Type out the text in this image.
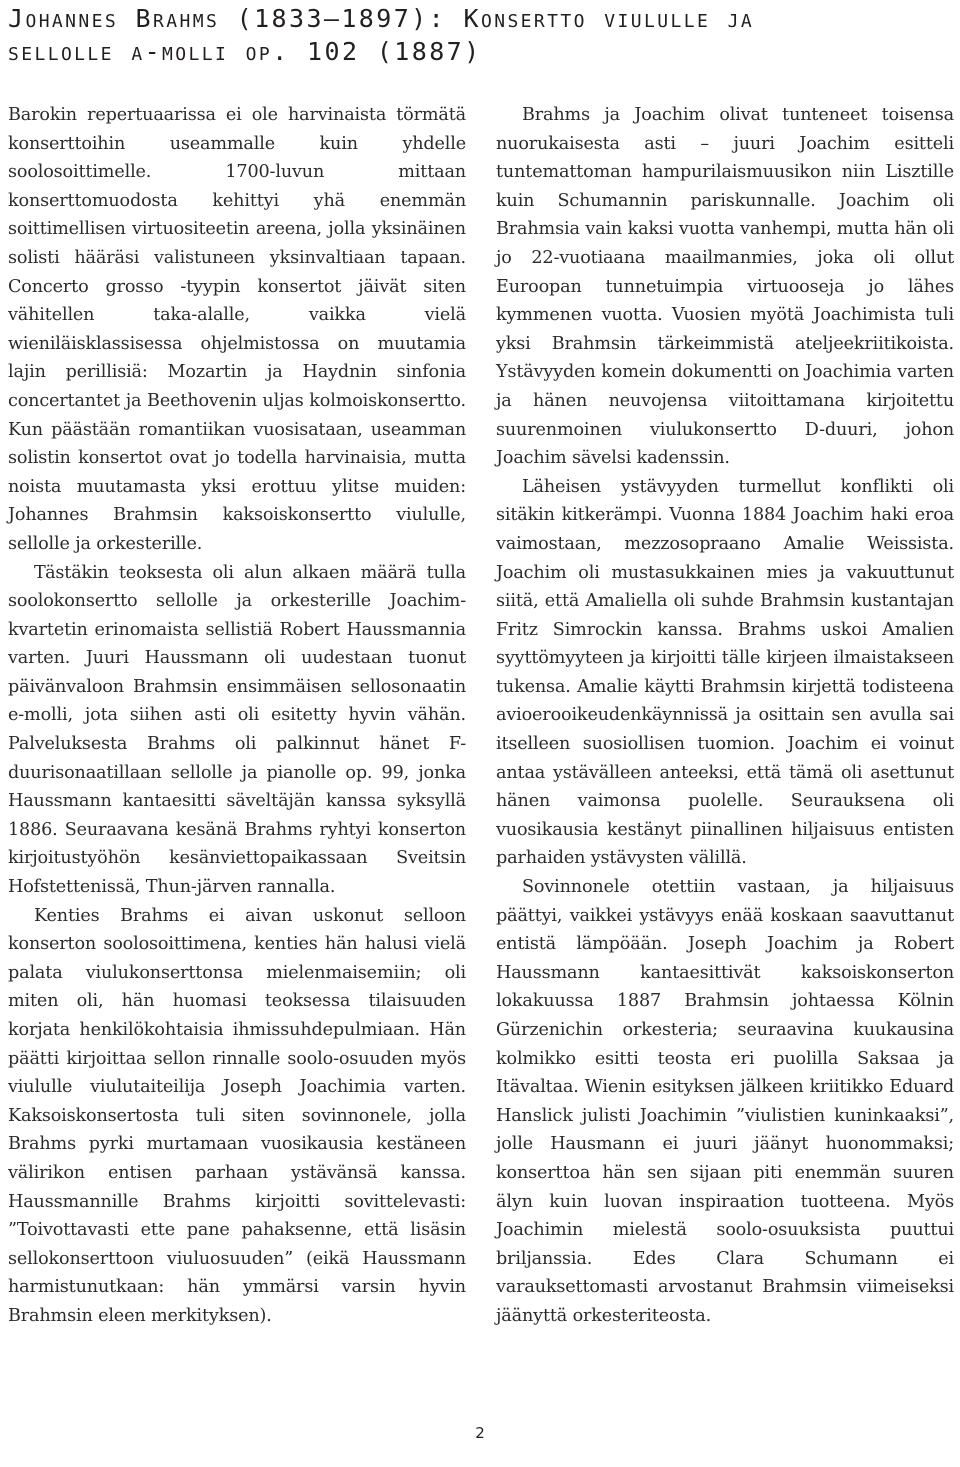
Johannes Brahms (1833–1897): Konsertto viululle ja
sellolle a-molli op. 102 (1887)

Barokin repertuaarissa ei ole harvinaista törmätä konserttoihin useammalle kuin yhdelle soolosoittimelle. 1700-luvun mittaan konserttomuodosta kehittyi yhä enemmän soittimellisen virtuositeetin areena, jolla yksinäinen solisti hääräsi valistuneen yksinvaltiaan tapaan. Concerto grosso -tyypin konsertot jäivät siten vähitellen taka-alalle, vaikka vielä wieniläisklassisessa ohjelmistossa on muutamia lajin perillisiä: Mozartin ja Haydnin sinfonia concertantet ja Beethovenin uljas kolmoiskonsertto. Kun päästään romantiikan vuosisataan, useamman solistin konsertot ovat jo todella harvinaisia, mutta noista muutamasta yksi erottuu ylitse muiden: Johannes Brahmsin kaksoiskonsertto viululle, sellolle ja orkesterille.

Tästäkin teoksesta oli alun alkaen määrä tulla soolokonsertto sellolle ja orkesterille Joachim-kvartetin erinomaista sellistiä Robert Haussmannia varten. Juuri Haussmann oli uudestaan tuonut päivänvaloon Brahmsin ensimmäisen sellosonaatin e-molli, jota siihen asti oli esitetty hyvin vähän. Palveluksesta Brahms oli palkinnut hänet F-duurisonaatillaan sellolle ja pianolle op. 99, jonka Haussmann kantaesitti säveltäjän kanssa syksyllä 1886. Seuraavana kesänä Brahms ryhtyi konserton kirjoitustyöhön kesänviettopaikassaan Sveitsin Hofstettenissä, Thun-järven rannalla.

Kenties Brahms ei aivan uskonut selloon konserton soolosoittimena, kenties hän halusi vielä palata viulukonserttonsa mielenmaisemiin; oli miten oli, hän huomasi teoksessa tilaisuuden korjata henkilökohtaisia ihmissuhdepulmiaan. Hän päätti kirjoittaa sellon rinnalle soolo-osuuden myös viululle viulutaiteilija Joseph Joachimia varten. Kaksoiskonsertosta tuli siten sovinnonele, jolla Brahms pyrki murtamaan vuosikausia kestäneen välirikon entisen parhaan ystävänsä kanssa. Haussmannille Brahms kirjoitti sovittelevasti: ”Toivottavasti ette pane pahaksenne, että lisäsin sellokonserttoon viuluosuuden” (eikä Haussmann harmistunutkaan: hän ymmärsi varsin hyvin Brahmsin eleen merkityksen).

Brahms ja Joachim olivat tunteneet toisensa nuorukaisesta asti – juuri Joachim esitteli tuntemattoman hampurilaismuusikon niin Lisztille kuin Schumannin pariskunnalle. Joachim oli Brahmsia vain kaksi vuotta vanhempi, mutta hän oli jo 22-vuotiaana maailmanmies, joka oli ollut Euroopan tunnetuimpia virtuooseja jo lähes kymmenen vuotta. Vuosien myötä Joachimista tuli yksi Brahmsin tärkeimmistä ateljeekriitikoista. Ystävyyden komein dokumentti on Joachimia varten ja hänen neuvojensa viitoittamana kirjoitettu suurenmoinen viulukonsertto D-duuri, johon Joachim sävelsi kadenssin.

Läheisen ystävyyden turmellut konflikti oli sitäkin kitkerämpi. Vuonna 1884 Joachim haki eroa vaimostaan, mezzosopraano Amalie Weissista. Joachim oli mustasukkainen mies ja vakuuttunut siitä, että Amaliella oli suhde Brahmsin kustantajan Fritz Simrockin kanssa. Brahms uskoi Amalien syyttömyyteen ja kirjoitti tälle kirjeen ilmaistakseen tukensa. Amalie käytti Brahmsin kirjettä todisteena avioerooikeudenkäynnissä ja osittain sen avulla sai itselleen suosiollisen tuomion. Joachim ei voinut antaa ystävälleen anteeksi, että tämä oli asettunut hänen vaimonsa puolelle. Seurauksena oli vuosikausia kestänyt piinallinen hiljaisuus entisten parhaiden ystävysten välillä.

Sovinnonele otettiin vastaan, ja hiljaisuus päättyi, vaikkei ystävyys enää koskaan saavuttanut entistä lämpöään. Joseph Joachim ja Robert Haussmann kantaesittivät kaksoiskonserton lokakuussa 1887 Brahmsin johtaessa Kölnin Gürzenichin orkesteria; seuraavina kuukausina kolmikko esitti teosta eri puolilla Saksaa ja Itävaltaa. Wienin esityksen jälkeen kriitikko Eduard Hanslick julisti Joachimin ”viulistien kuninkaaksi”, jolle Hausmann ei juuri jäänyt huonommaksi; konserttoa hän sen sijaan piti enemmän suuren älyn kuin luovan inspiraation tuotteena. Myös Joachimin mielestä soolo-osuuksista puuttui briljanssia. Edes Clara Schumann ei varauksettomasti arvostanut Brahmsin viimeiseksi jäänyttä orkesteriteosta.

2
